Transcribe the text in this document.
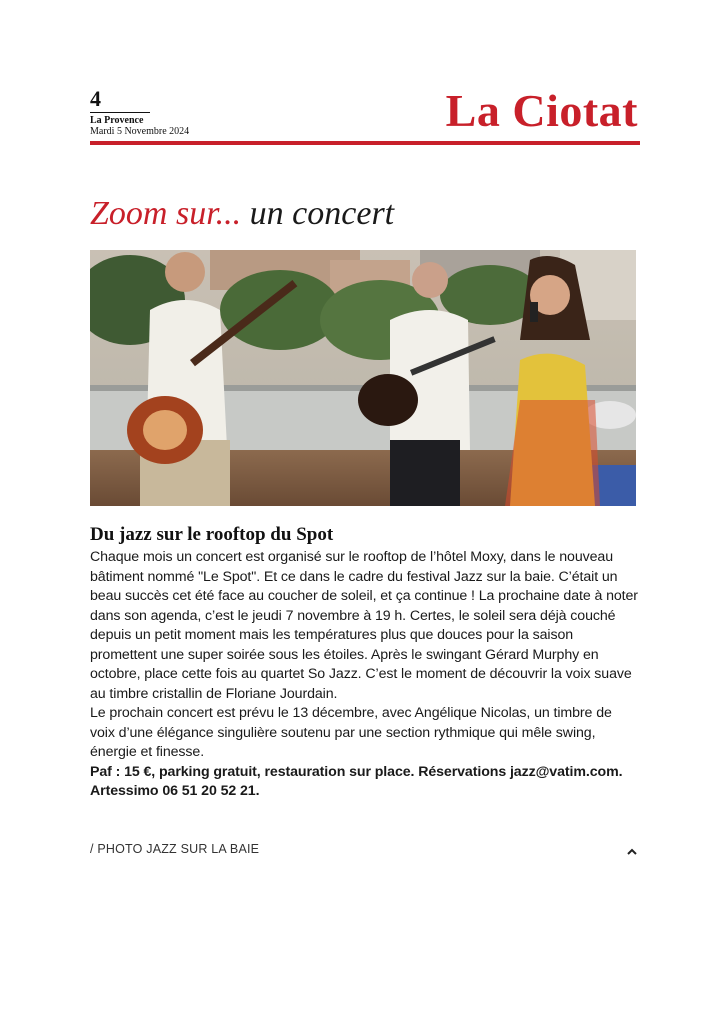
4
La Provence
Mardi 5 Novembre 2024	La Ciotat
Zoom sur... un concert
Du jazz sur le rooftop du Spot

Chaque mois un concert est organisé sur le rooftop de l’hôtel Moxy, dans le nouveau bâtiment nommé "Le Spot". Et ce dans le cadre du festival Jazz sur la baie. C’était un beau succès cet été face au coucher de soleil, et ça continue ! La prochaine date à noter dans son agenda, c’est le jeudi 7 novembre à 19 h. Certes, le soleil sera déjà couché depuis un petit moment mais les températures plus que douces pour la saison promettent une super soirée sous les étoiles. Après le swingant Gérard Murphy en octobre, place cette fois au quartet So Jazz. C’est le moment de découvrir la voix suave au timbre cristallin de Floriane Jourdain.

Le prochain concert est prévu le 13 décembre, avec Angélique Nicolas, un timbre de voix d’une élégance singulière soutenu par une section rythmique qui mêle swing, énergie et finesse.

Paf : 15 €, parking gratuit, restauration sur place. Réservations jazz@vatim.com. Artessimo 06 51 20 52 21.

/ PHOTO JAZZ SUR LA BAIE
